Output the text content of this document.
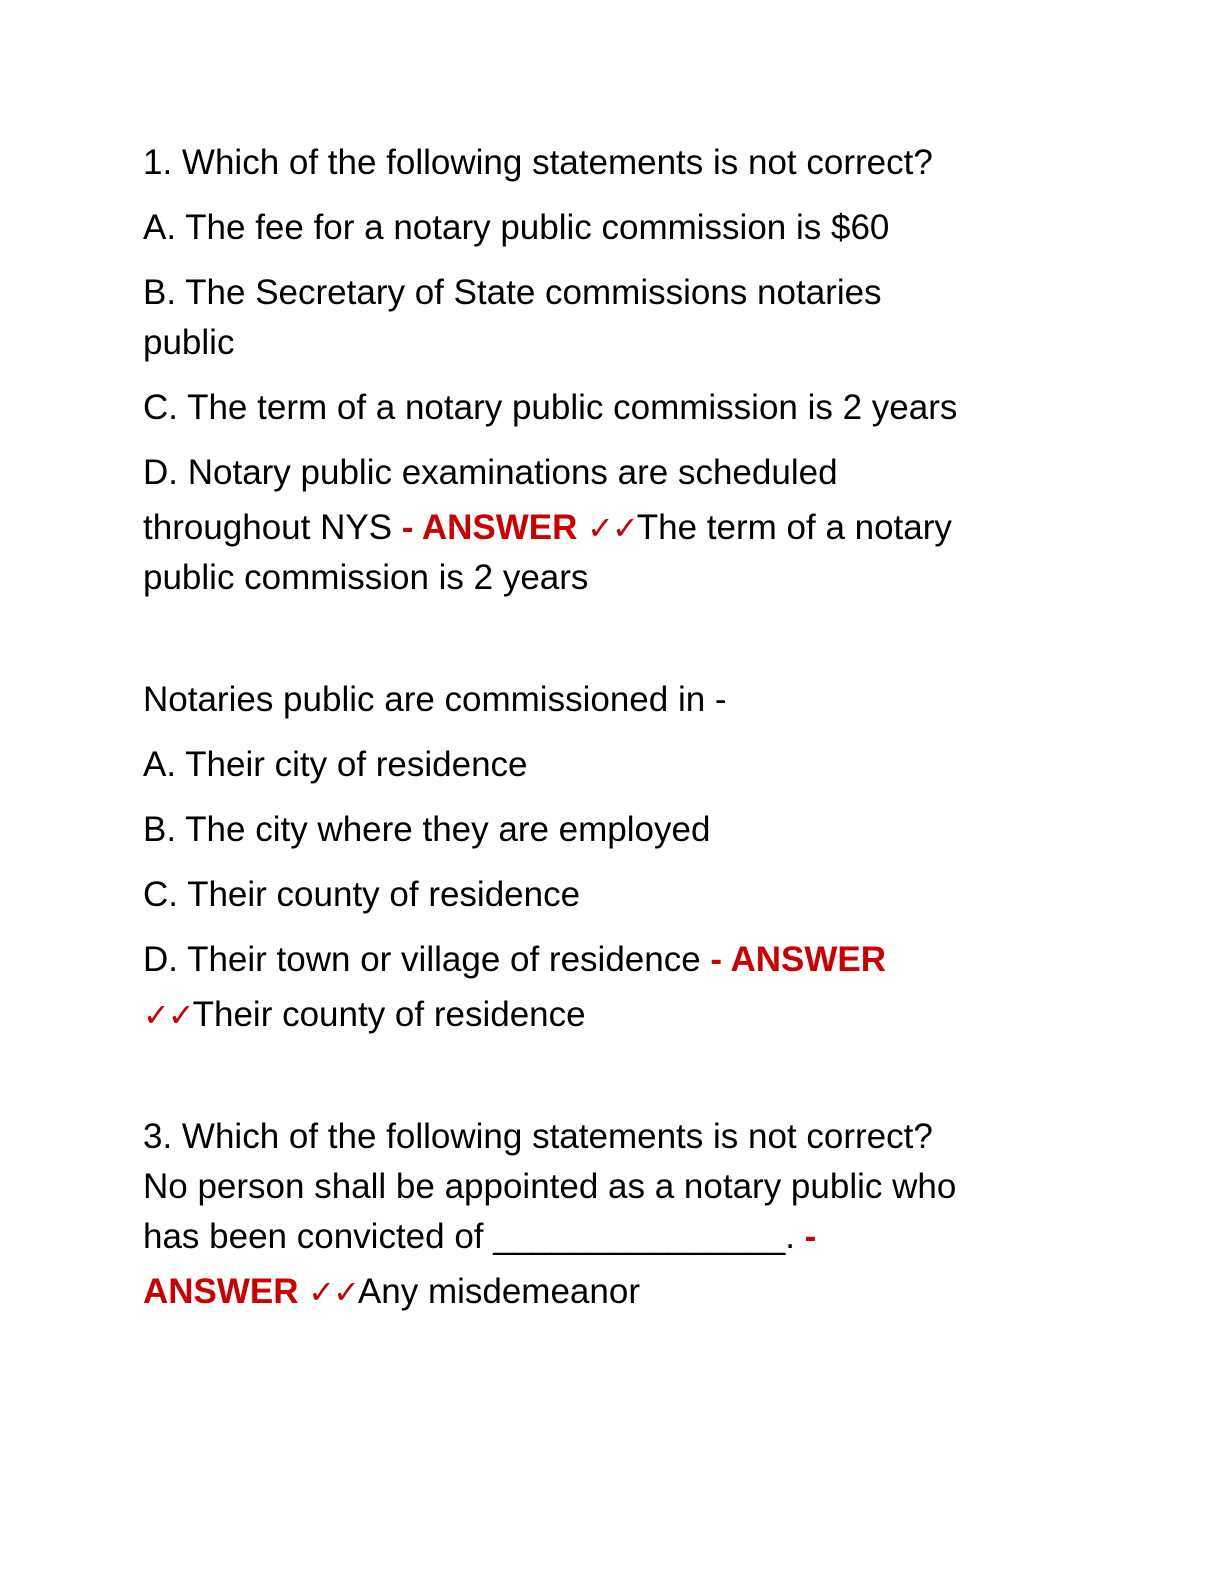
1. Which of the following statements is not correct?
A. The fee for a notary public commission is $60
B. The Secretary of State commissions notaries
public
C. The term of a notary public commission is 2 years
D. Notary public examinations are scheduled
throughout NYS - ANSWER ✓✓The term of a notary
public commission is 2 years
Notaries public are commissioned in -
A. Their city of residence
B. The city where they are employed
C. Their county of residence
D. Their town or village of residence - ANSWER
✓✓Their county of residence
3. Which of the following statements is not correct?
No person shall be appointed as a notary public who
has been convicted of _______________. -
ANSWER ✓✓Any misdemeanor
